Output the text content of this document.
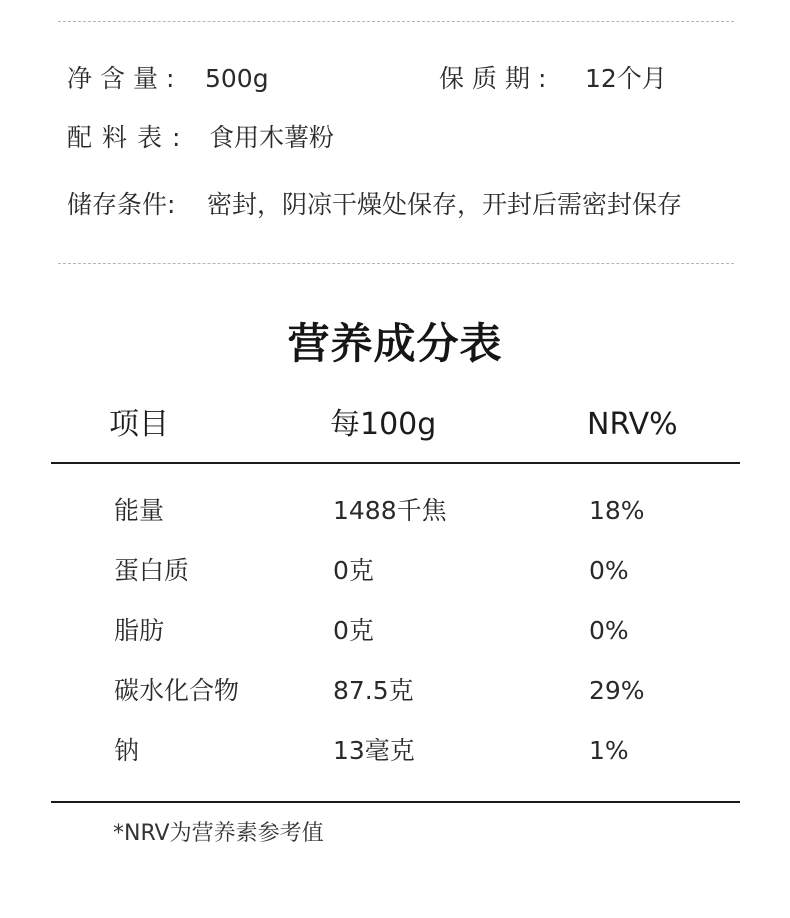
净含量: 500g	保质期: 12个月
配料表: 食用木薯粉
储存条件: 密封，阴凉干燥处保存，开封后需密封保存
营养成分表
项目	每100g	NRV%
能量	1488千焦	18%
蛋白质	0克	0%
脂肪	0克	0%
碳水化合物	87.5克	29%
钠	13毫克	1%
*NRV为营养素参考值
